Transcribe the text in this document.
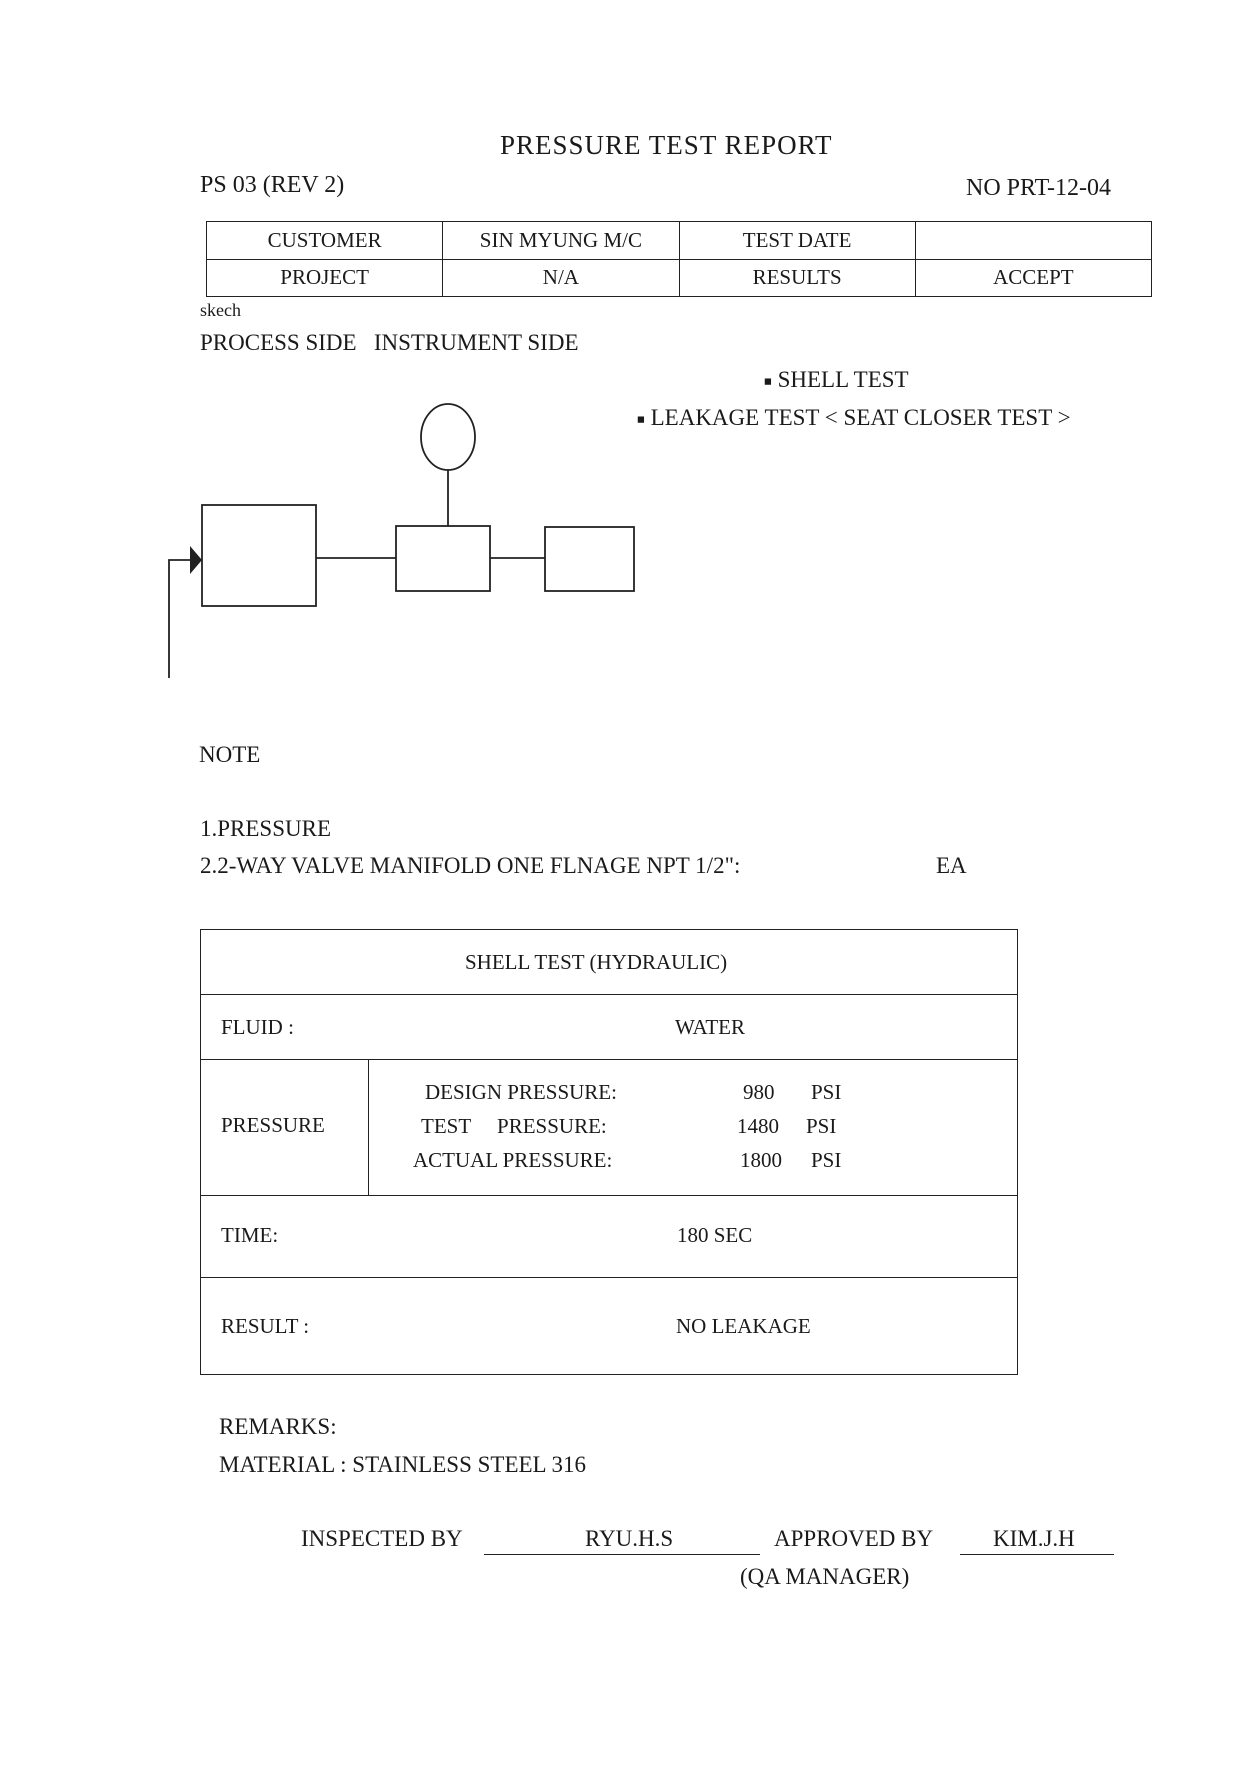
PRESSURE TEST REPORT
PS 03 (REV 2)	NO PRT-12-04
CUSTOMER	SIN MYUNG M/C	TEST DATE	
PROJECT	N/A	RESULTS	ACCEPT
skech
PROCESS SIDE   INSTRUMENT SIDE
■ SHELL TEST
■ LEAKAGE TEST < SEAT CLOSER TEST >
NOTE
1.PRESSURE
2.2-WAY VALVE MANIFOLD ONE FLNAGE NPT 1/2":	EA
SHELL TEST (HYDRAULIC)
FLUID :	WATER
PRESSURE
DESIGN PRESSURE:	980 PSI
TEST     PRESSURE:	1480 PSI
ACTUAL PRESSURE:	1800 PSI
TIME:	180 SEC
RESULT :	NO LEAKAGE
REMARKS:
MATERIAL : STAINLESS STEEL 316
INSPECTED BY	RYU.H.S	APPROVED BY	KIM.J.H
(QA MANAGER)
